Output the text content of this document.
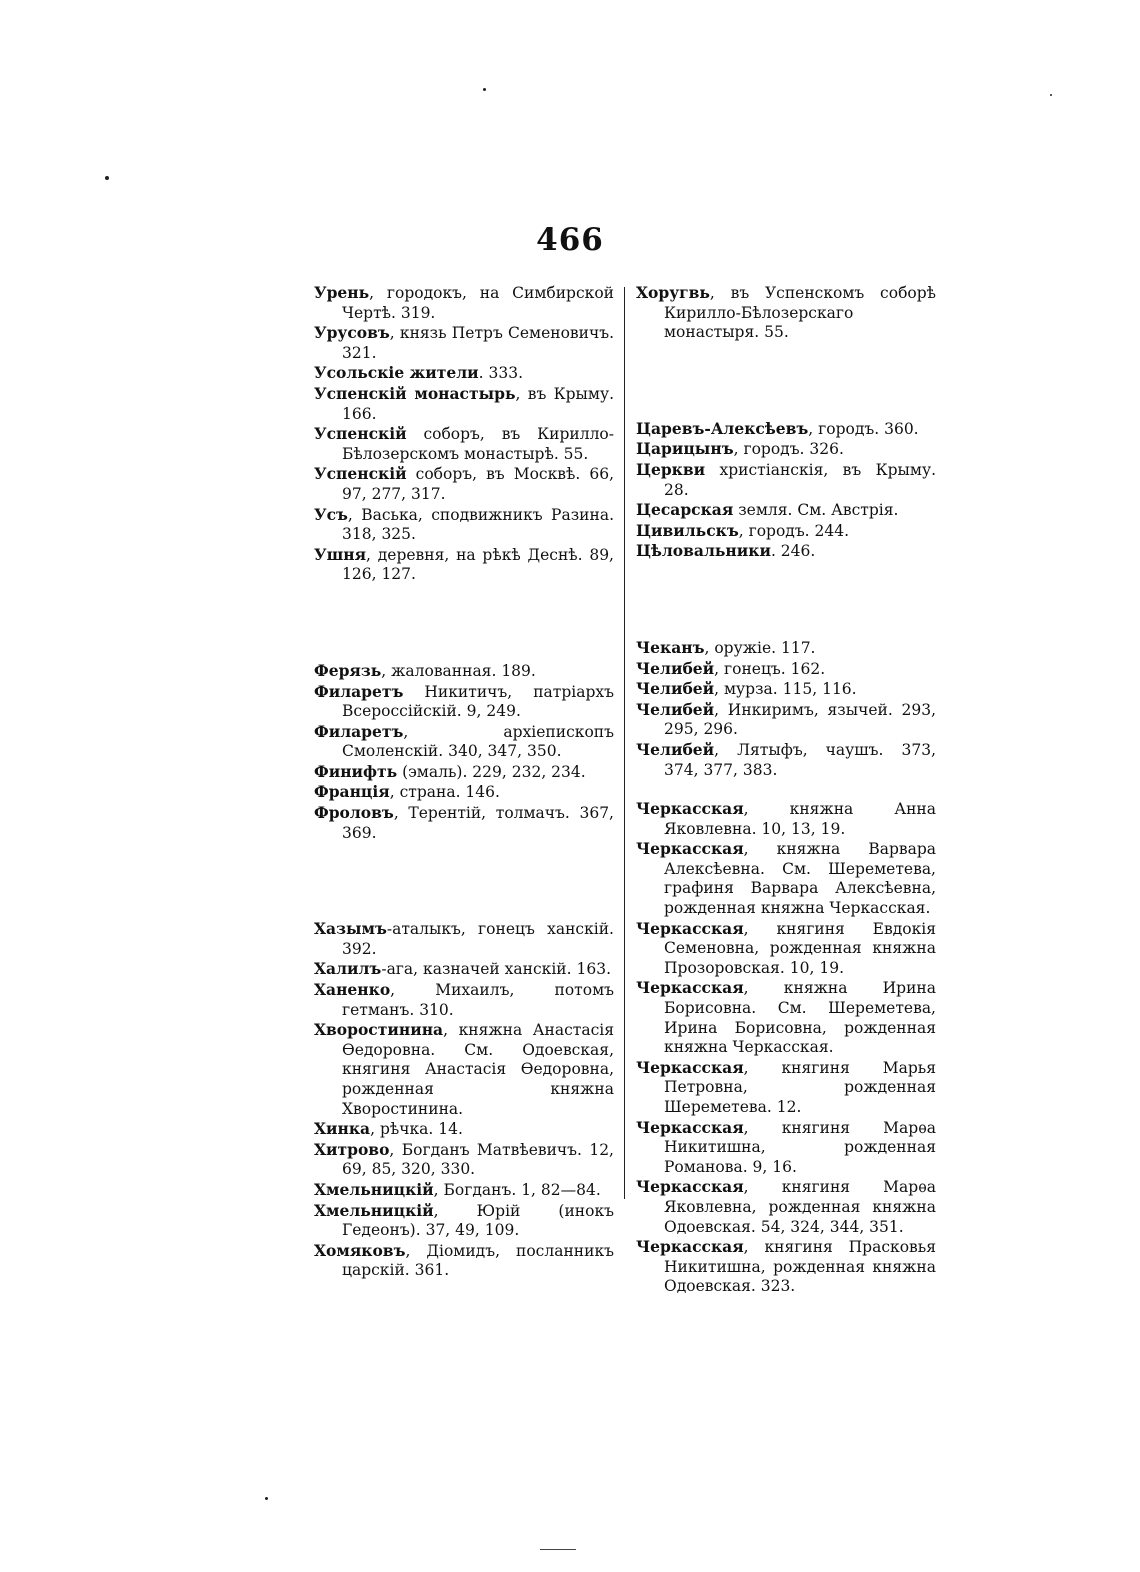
466

Урень, городокъ, на Симбирской Чертѣ. 319.

Урусовъ, князь Петръ Семеновичъ. 321.

Усольскіе жители. 333.

Успенскій монастырь, въ Крыму. 166.

Успенскій соборъ, въ Кирилло-Бѣлозерскомъ монастырѣ. 55.

Успенскій соборъ, въ Москвѣ. 66, 97, 277, 317.

Усъ, Васька, сподвижникъ Разина. 318, 325.

Ушня, деревня, на рѣкѣ Деснѣ. 89, 126, 127.

Ферязь, жалованная. 189.

Филаретъ Никитичъ, патріархъ Всероссійскій. 9, 249.

Филаретъ, архіепископъ Смоленскій. 340, 347, 350.

Финифть (эмаль). 229, 232, 234.

Франція, страна. 146.

Фроловъ, Терентій, толмачъ. 367, 369.

Хазымъ-аталыкъ, гонецъ ханскій. 392.

Халилъ-ага, казначей ханскій. 163.

Ханенко, Михаилъ, потомъ гетманъ. 310.

Хворостинина, княжна Анастасія Ѳедоровна. См. Одоевская, княгиня Анастасія Ѳедоровна, рожденная княжна Хворостинина.

Хинка, рѣчка. 14.

Хитрово, Богданъ Матвѣевичъ. 12, 69, 85, 320, 330.

Хмельницкій, Богданъ. 1, 82—84.

Хмельницкій, Юрій (инокъ Гедеонъ). 37, 49, 109.

Хомяковъ, Діомидъ, посланникъ царскій. 361.

Хоругвь, въ Успенскомъ соборѣ Кирилло-Бѣлозерскаго монастыря. 55.

Царевъ-Алексѣевъ, городъ. 360.

Царицынъ, городъ. 326.

Церкви христіанскія, въ Крыму. 28.

Цесарская земля. См. Австрія.

Цивильскъ, городъ. 244.

Цѣловальники. 246.

Чеканъ, оружіе. 117.

Челибей, гонецъ. 162.

Челибей, мурза. 115, 116.

Челибей, Инкиримъ, язычей. 293, 295, 296.

Челибей, Лятыфъ, чаушъ. 373, 374, 377, 383.

Черкасская, княжна Анна Яковлевна. 10, 13, 19.

Черкасская, княжна Варвара Алексѣевна. См. Шереметева, графиня Варвара Алексѣевна, рожденная княжна Черкасская.

Черкасская, княгиня Евдокія Семеновна, рожденная княжна Прозоровская. 10, 19.

Черкасская, княжна Ирина Борисовна. См. Шереметева, Ирина Борисовна, рожденная княжна Черкасская.

Черкасская, княгиня Марья Петровна, рожденная Шереметева. 12.

Черкасская, княгиня Марѳа Никитишна, рожденная Романова. 9, 16.

Черкасская, княгиня Марѳа Яковлевна, рожденная княжна Одоевская. 54, 324, 344, 351.

Черкасская, княгиня Прасковья Никитишна, рожденная княжна Одоевская. 323.
